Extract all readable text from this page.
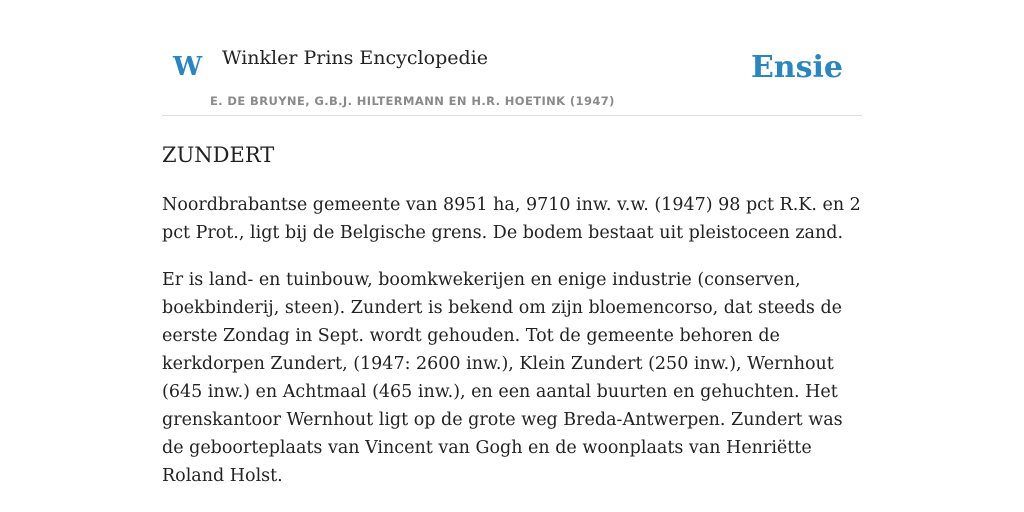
W Winkler Prins Encyclopedie
E. DE BRUYNE, G.B.J. HILTERMANN EN H.R. HOETINK (1947)
Ensie
ZUNDERT

Noordbrabantse gemeente van 8951 ha, 9710 inw. v.w. (1947) 98 pct R.K. en 2 pct Prot., ligt bij de Belgische grens. De bodem bestaat uit pleistoceen zand.

Er is land- en tuinbouw, boomkwekerijen en enige industrie (conserven, boekbinderij, steen). Zundert is bekend om zijn bloemencorso, dat steeds de eerste Zondag in Sept. wordt gehouden. Tot de gemeente behoren de kerkdorpen Zundert, (1947: 2600 inw.), Klein Zundert (250 inw.), Wernhout (645 inw.) en Achtmaal (465 inw.), en een aantal buurten en gehuchten. Het grenskantoor Wernhout ligt op de grote weg Breda-Antwerpen. Zundert was de geboorteplaats van Vincent van Gogh en de woonplaats van Henriëtte Roland Holst.
